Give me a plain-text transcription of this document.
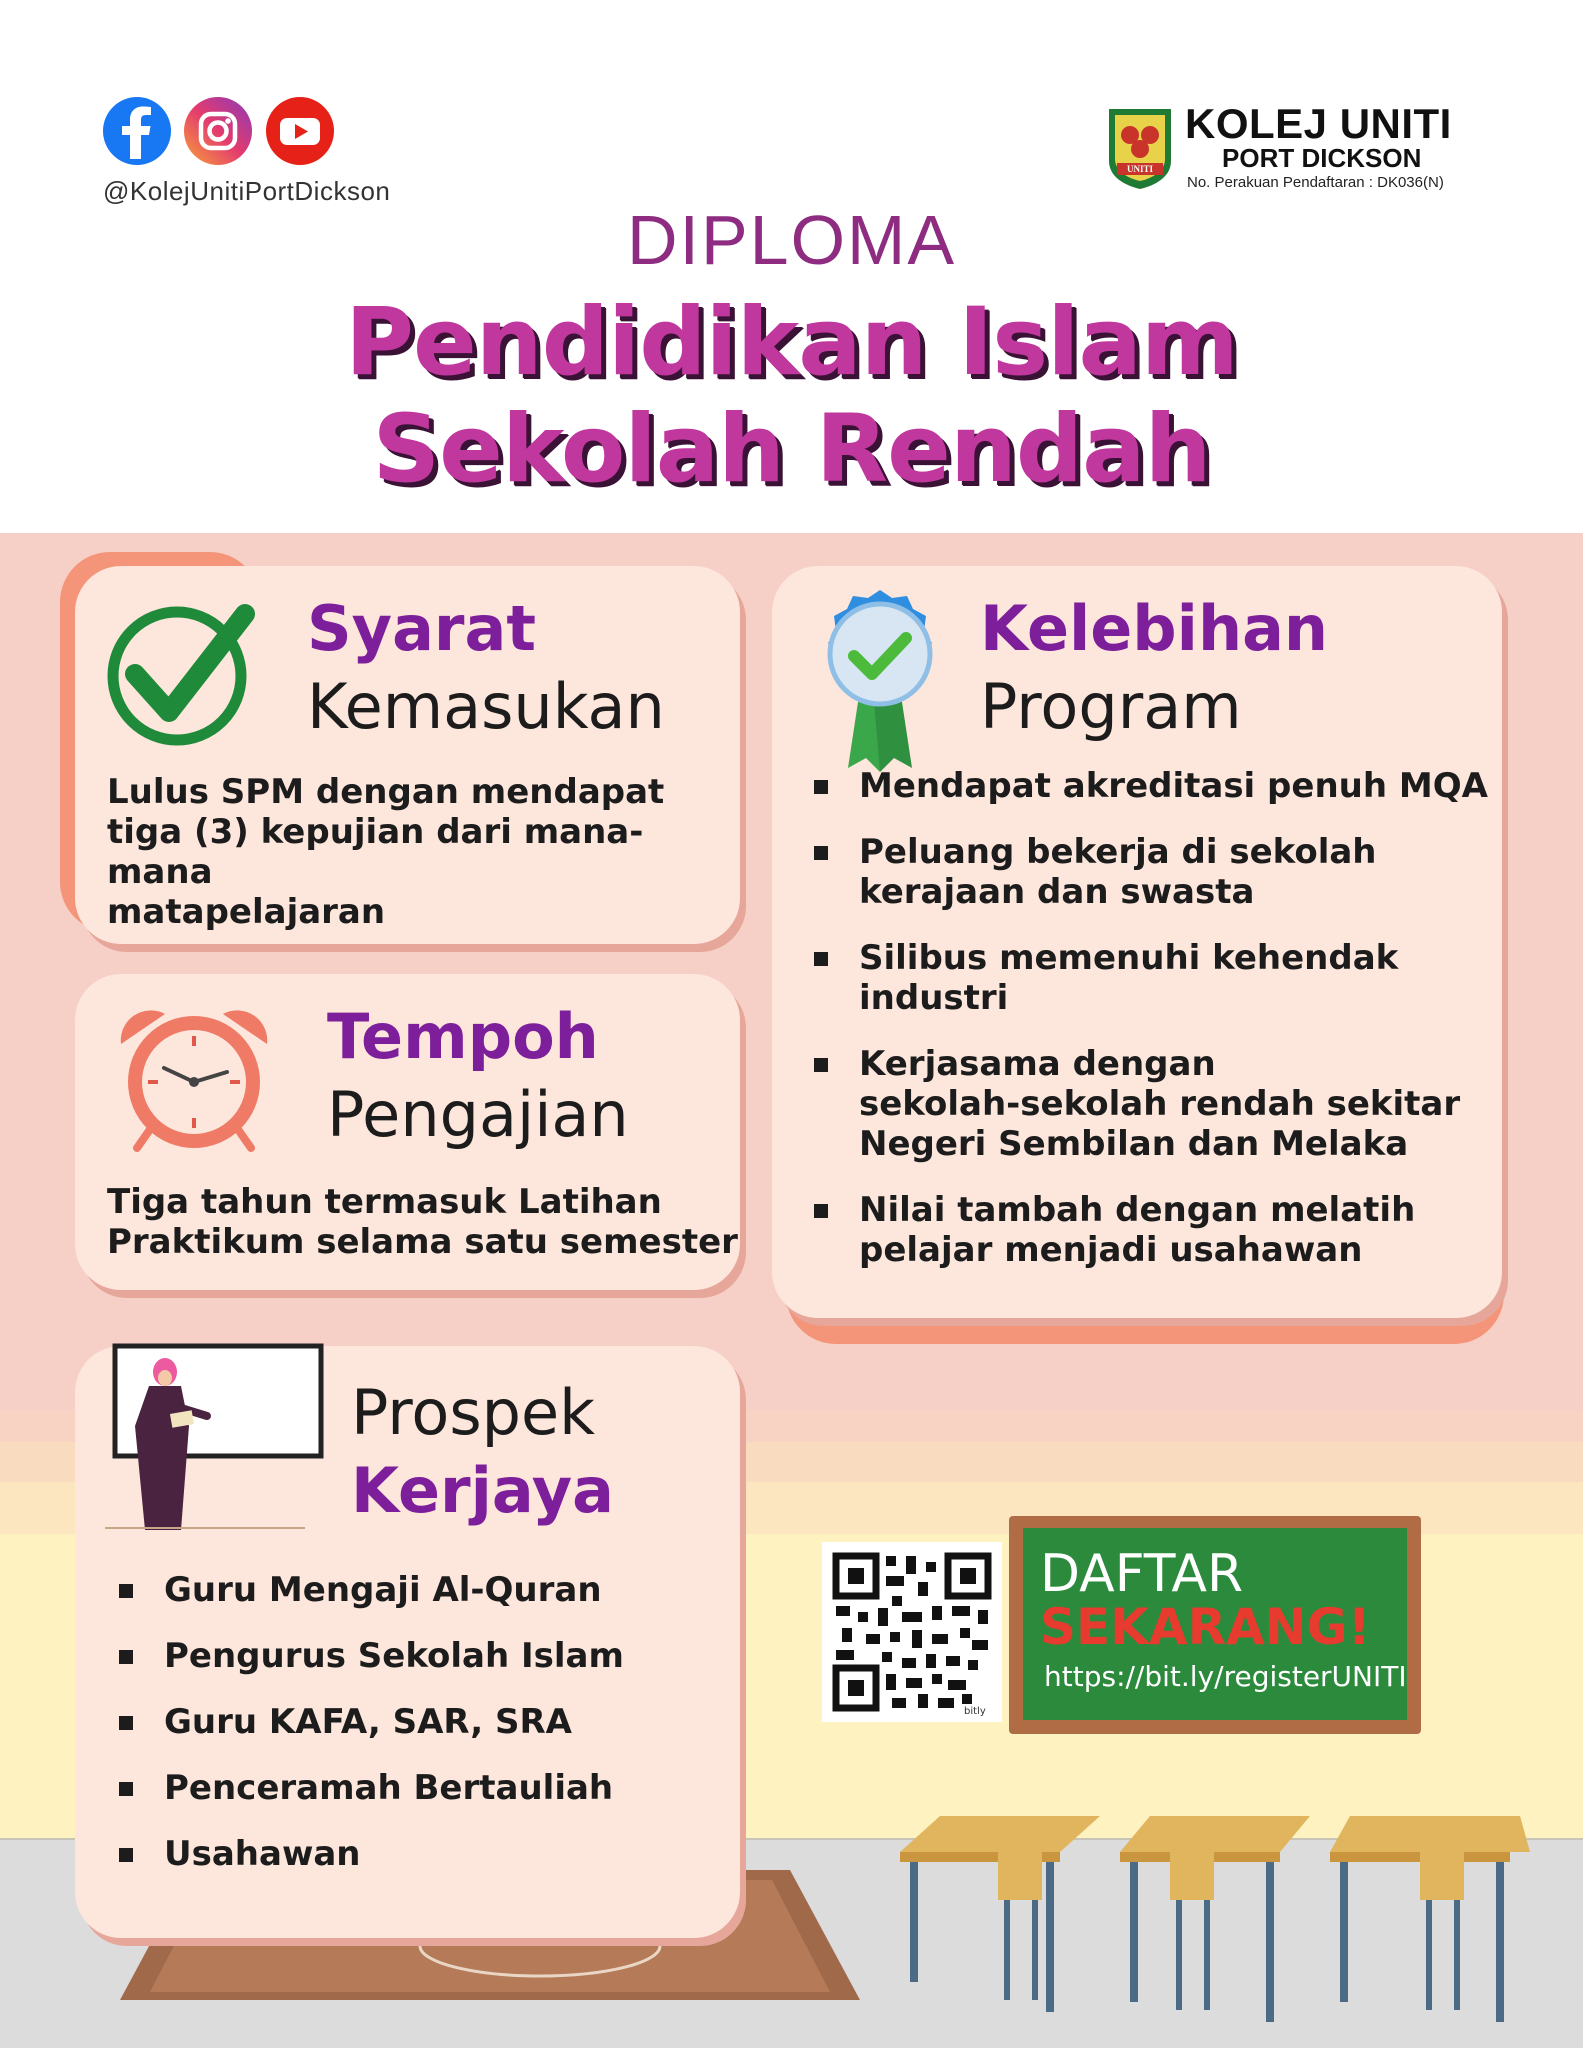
@KolejUnitiPortDickson
UNITI
KOLEJ UNITI
PORT DICKSON
No. Perakuan Pendaftaran : DK036(N)
DIPLOMA
Pendidikan Islam
Sekolah Rendah
Syarat
Kemasukan
Lulus SPM dengan mendapat
tiga (3) kepujian dari mana-mana
matapelajaran
Tempoh
Pengajian
Tiga tahun termasuk Latihan
Praktikum selama satu semester
Kelebihan
Program
Mendapat akreditasi penuh MQA
Peluang bekerja di sekolah
kerajaan dan swasta
Silibus memenuhi kehendak
industri
Kerjasama dengan
sekolah-sekolah rendah sekitar
Negeri Sembilan dan Melaka
Nilai tambah dengan melatih
pelajar menjadi usahawan
Prospek
Kerjaya
Guru Mengaji Al-Quran
Pengurus Sekolah Islam
Guru KAFA, SAR, SRA
Penceramah Bertauliah
Usahawan
bitly
DAFTAR
SEKARANG!
https://bit.ly/registerUNITI
